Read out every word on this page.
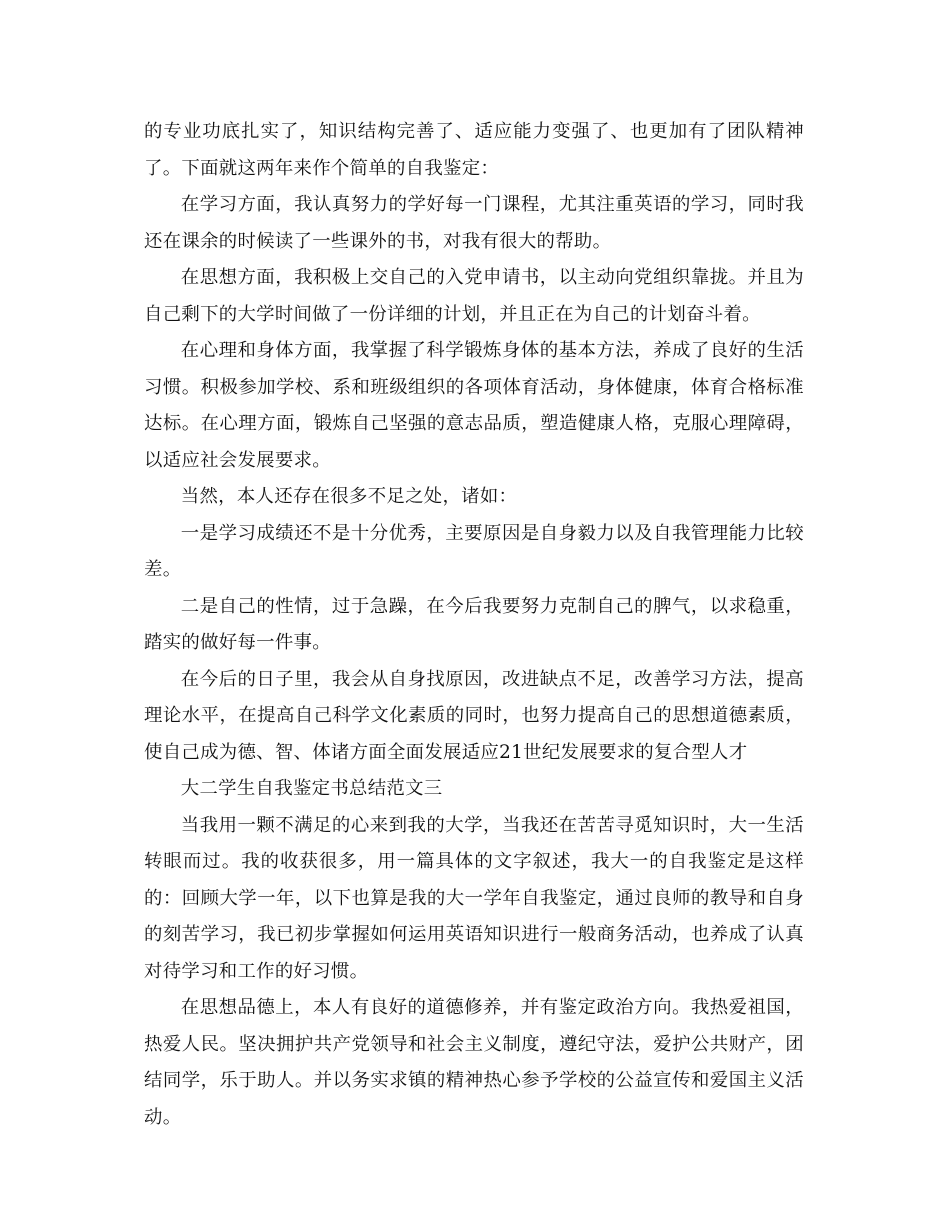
的专业功底扎实了，知识结构完善了、适应能力变强了、也更加有了团队精神了。下面就这两年来作个简单的自我鉴定：

在学习方面，我认真努力的学好每一门课程，尤其注重英语的学习，同时我还在课余的时候读了一些课外的书，对我有很大的帮助。

在思想方面，我积极上交自己的入党申请书，以主动向党组织靠拢。并且为自己剩下的大学时间做了一份详细的计划，并且正在为自己的计划奋斗着。

在心理和身体方面，我掌握了科学锻炼身体的基本方法，养成了良好的生活习惯。积极参加学校、系和班级组织的各项体育活动，身体健康，体育合格标准达标。在心理方面，锻炼自己坚强的意志品质，塑造健康人格，克服心理障碍，以适应社会发展要求。

当然，本人还存在很多不足之处，诸如：

一是学习成绩还不是十分优秀，主要原因是自身毅力以及自我管理能力比较差。

二是自己的性情，过于急躁，在今后我要努力克制自己的脾气，以求稳重，踏实的做好每一件事。

在今后的日子里，我会从自身找原因，改进缺点不足，改善学习方法，提高理论水平，在提高自己科学文化素质的同时，也努力提高自己的思想道德素质，使自己成为德、智、体诸方面全面发展适应21世纪发展要求的复合型人才

大二学生自我鉴定书总结范文三

当我用一颗不满足的心来到我的大学，当我还在苦苦寻觅知识时，大一生活转眼而过。我的收获很多，用一篇具体的文字叙述，我大一的自我鉴定是这样的：回顾大学一年，以下也算是我的大一学年自我鉴定，通过良师的教导和自身的刻苦学习，我已初步掌握如何运用英语知识进行一般商务活动，也养成了认真对待学习和工作的好习惯。

在思想品德上，本人有良好的道德修养，并有鉴定政治方向。我热爱祖国，热爱人民。坚决拥护共产党领导和社会主义制度，遵纪守法，爱护公共财产，团结同学，乐于助人。并以务实求镇的精神热心参予学校的公益宣传和爱国主义活动。
